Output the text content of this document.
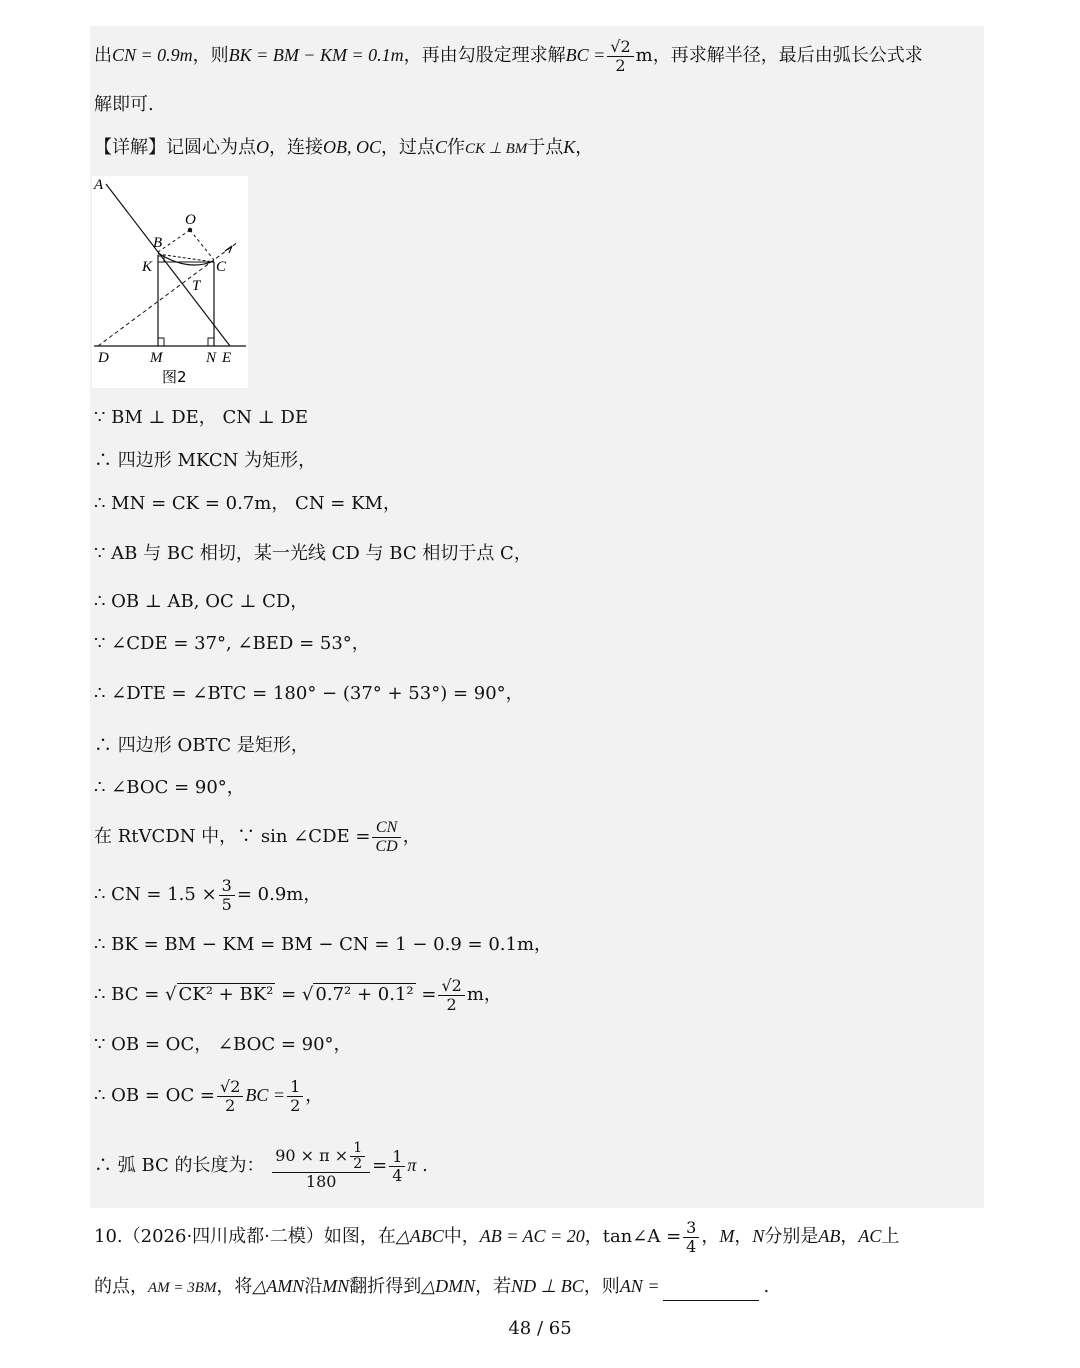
出CN = 0.9m，则BK = BM − KM = 0.1m，再由勾股定理求解BC = $\frac{√2}{2}$ m，再求解半径，最后由弧长公式求
解即可.
【详解】记圆心为点O，连接OB, OC，过点C作CK ⊥ BM于点K，
A
O
B
K	C
T
D	M	N E
图2
∵ BM ⊥ DE， CN ⊥ DE
∴ 四边形 MKCN 为矩形，
∴ MN = CK = 0.7m， CN = KM，
∵ AB 与 BC 相切，某一光线 CD 与 BC 相切于点 C，
∴ OB ⊥ AB, OC ⊥ CD，
∵ ∠CDE = 37°, ∠BED = 53°，
∴ ∠DTE = ∠BTC = 180° − (37° + 53°) = 90°，
∴ 四边形 OBTC 是矩形，
∴ ∠BOC = 90°，
在 RtVCDN 中，∵ sin ∠CDE = $\frac{CN}{CD}$ ，
∴ CN = $1.5 \times \frac{3}{5} = 0.9m$，
∴ BK = BM − KM = BM − CN = 1 − 0.9 = 0.1m，
∴ BC = √ CK² + BK² = √ $0.7^2 + 0.1^2 = \frac{√2}{2}$ m，
∵ OB = OC， ∠BOC = 90°，
∴ OB = OC = $\frac{√2}{2}$ BC = $\frac{1}{2}$ ，
∴ 弧 BC 的长度为： $\frac{90 \times \pi \times \frac{1}{2}}{180} = \frac{1}{4}$ π .
10.（2026·四川成都·二模）如图，在△ABC中，AB = AC = 20，tan∠A = $\frac{3}{4}$ ，M，N分别是AB，AC上
的点，AM = 3BM，将△AMN沿MN翻折得到△DMN，若ND ⊥ BC，则AN =	.
48 / 65
